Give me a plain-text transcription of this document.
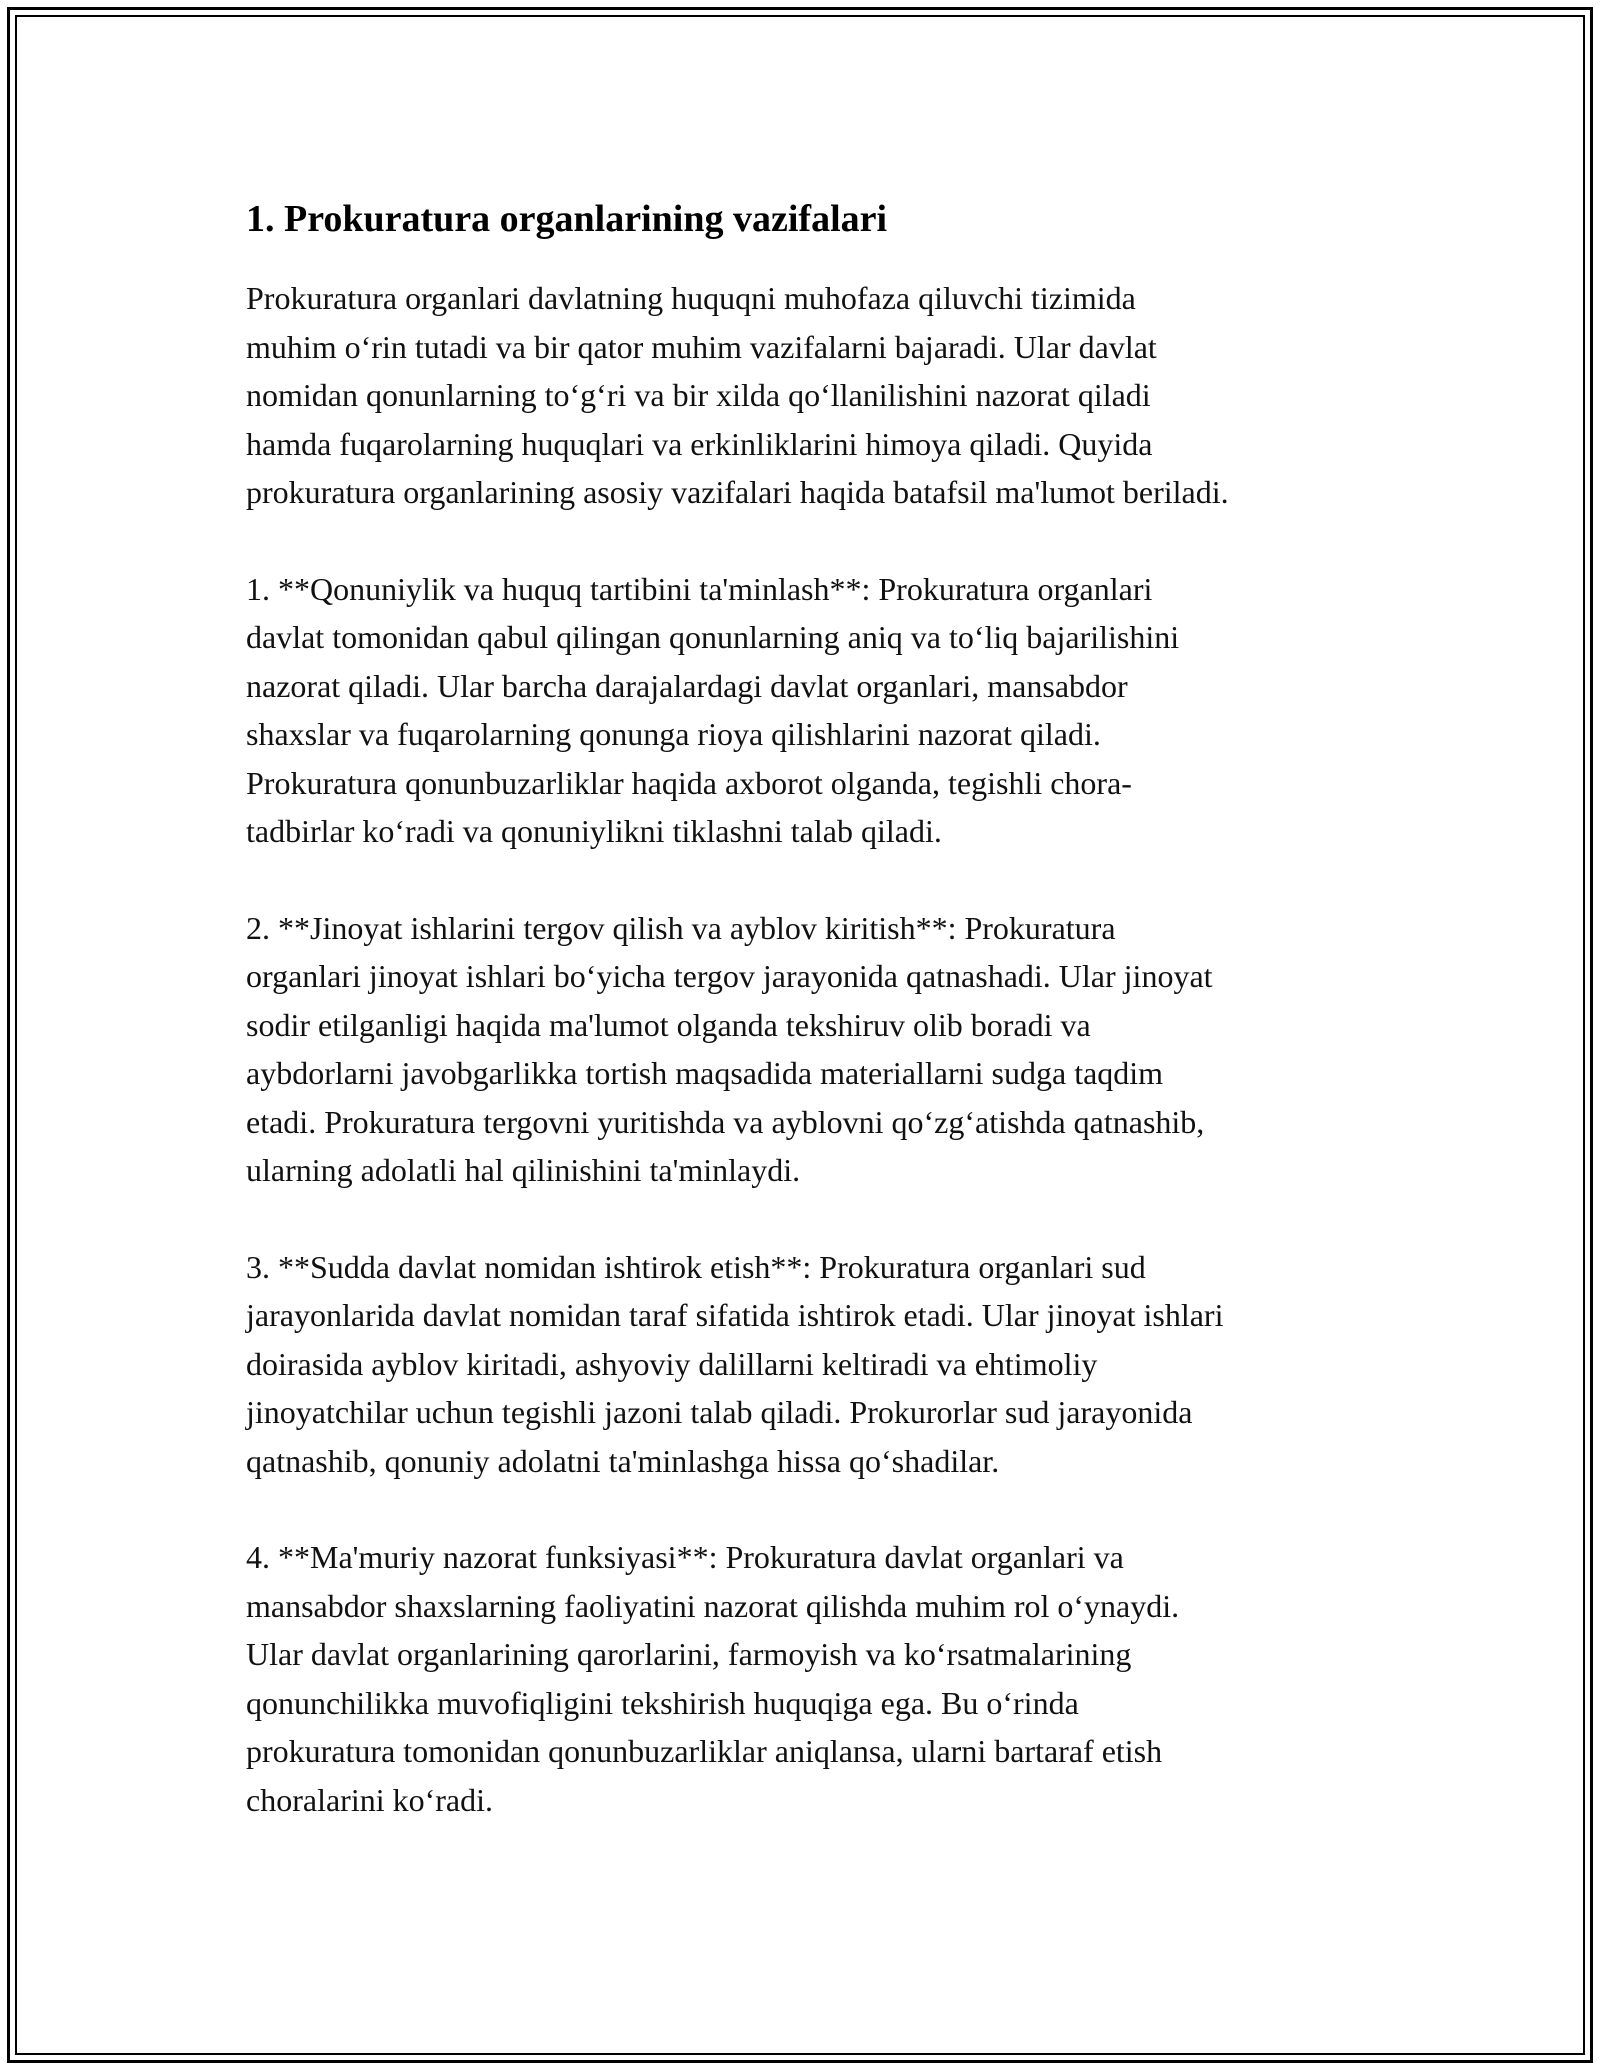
1. Prokuratura organlarining vazifalari

Prokuratura organlari davlatning huquqni muhofaza qiluvchi tizimida
muhim o‘rin tutadi va bir qator muhim vazifalarni bajaradi. Ular davlat
nomidan qonunlarning to‘g‘ri va bir xilda qo‘llanilishini nazorat qiladi
hamda fuqarolarning huquqlari va erkinliklarini himoya qiladi. Quyida
prokuratura organlarining asosiy vazifalari haqida batafsil ma'lumot beriladi.

1. **Qonuniylik va huquq tartibini ta'minlash**: Prokuratura organlari
davlat tomonidan qabul qilingan qonunlarning aniq va to‘liq bajarilishini
nazorat qiladi. Ular barcha darajalardagi davlat organlari, mansabdor
shaxslar va fuqarolarning qonunga rioya qilishlarini nazorat qiladi.
Prokuratura qonunbuzarliklar haqida axborot olganda, tegishli chora-
tadbirlar ko‘radi va qonuniylikni tiklashni talab qiladi.

2. **Jinoyat ishlarini tergov qilish va ayblov kiritish**: Prokuratura
organlari jinoyat ishlari bo‘yicha tergov jarayonida qatnashadi. Ular jinoyat
sodir etilganligi haqida ma'lumot olganda tekshiruv olib boradi va
aybdorlarni javobgarlikka tortish maqsadida materiallarni sudga taqdim
etadi. Prokuratura tergovni yuritishda va ayblovni qo‘zg‘atishda qatnashib,
ularning adolatli hal qilinishini ta'minlaydi.

3. **Sudda davlat nomidan ishtirok etish**: Prokuratura organlari sud
jarayonlarida davlat nomidan taraf sifatida ishtirok etadi. Ular jinoyat ishlari
doirasida ayblov kiritadi, ashyoviy dalillarni keltiradi va ehtimoliy
jinoyatchilar uchun tegishli jazoni talab qiladi. Prokurorlar sud jarayonida
qatnashib, qonuniy adolatni ta'minlashga hissa qo‘shadilar.

4. **Ma'muriy nazorat funksiyasi**: Prokuratura davlat organlari va
mansabdor shaxslarning faoliyatini nazorat qilishda muhim rol o‘ynaydi.
Ular davlat organlarining qarorlarini, farmoyish va ko‘rsatmalarining
qonunchilikka muvofiqligini tekshirish huquqiga ega. Bu o‘rinda
prokuratura tomonidan qonunbuzarliklar aniqlansa, ularni bartaraf etish
choralarini ko‘radi.
